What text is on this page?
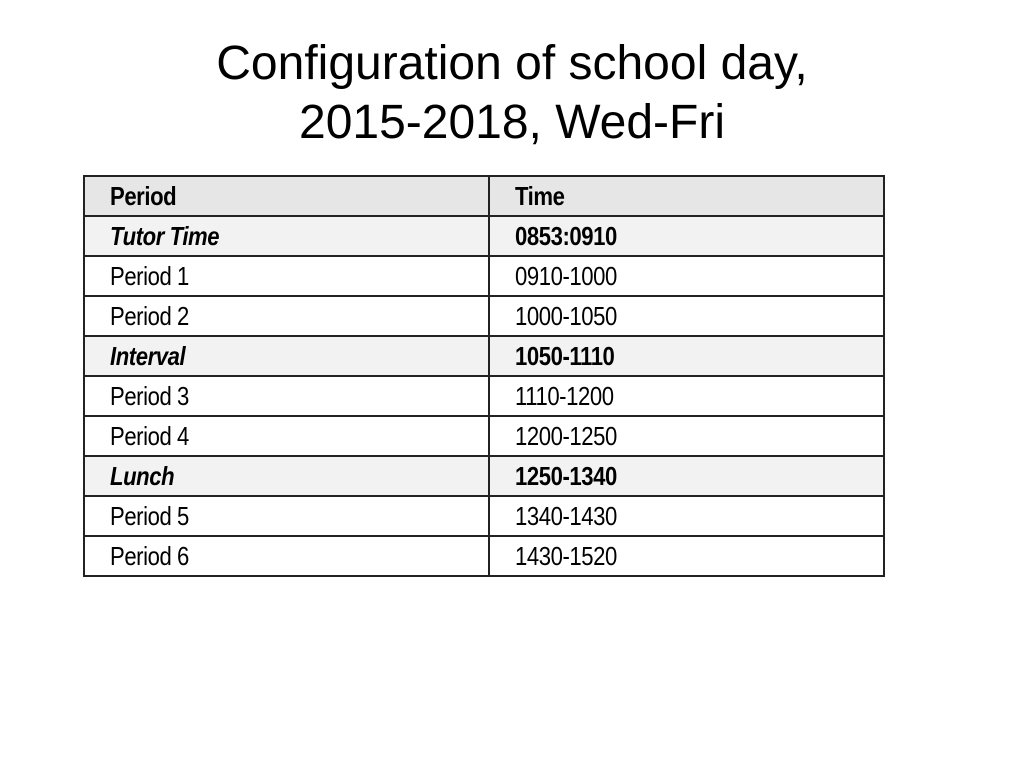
Configuration of school day,
2015-2018, Wed-Fri
Period	Time
Tutor Time	0853:0910
Period 1	0910-1000
Period 2	1000-1050
Interval	1050-1110
Period 3	1110-1200
Period 4	1200-1250
Lunch	1250-1340
Period 5	1340-1430
Period 6	1430-1520
